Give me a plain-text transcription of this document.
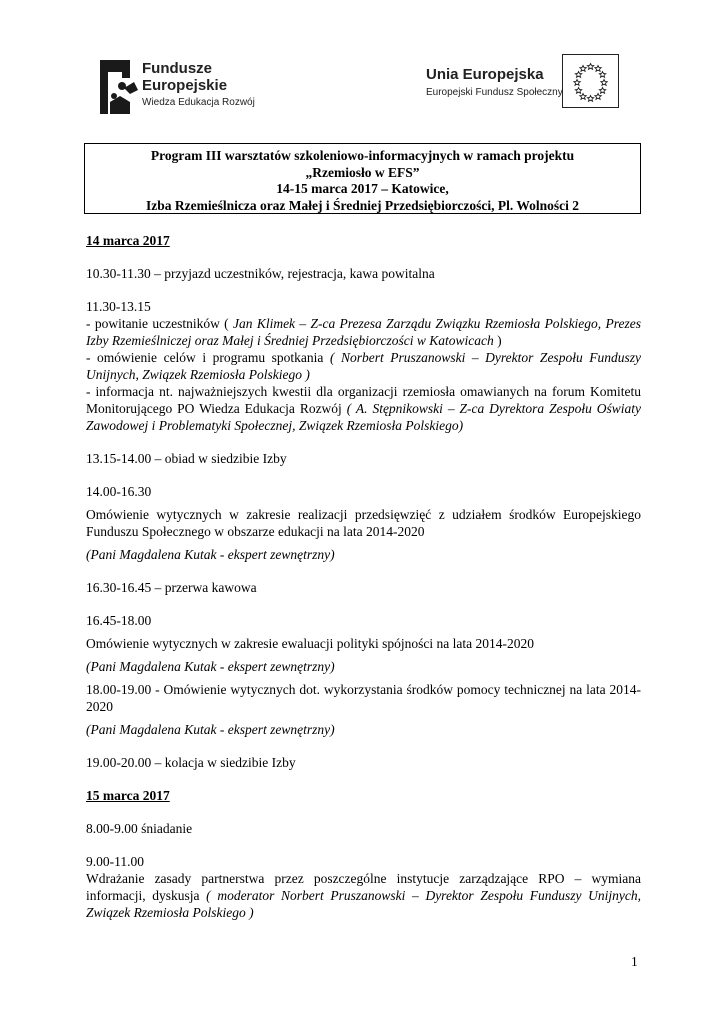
Fundusze
Europejskie
Wiedza Edukacja Rozwój
Unia Europejska
Europejski Fundusz Społeczny
Program III warsztatów szkoleniowo-informacyjnych w ramach projektu
„Rzemiosło w EFS”
14-15 marca 2017 – Katowice,
Izba Rzemieślnicza oraz Małej i Średniej Przedsiębiorczości, Pl. Wolności 2

14 marca 2017

10.30-11.30 – przyjazd uczestników, rejestracja, kawa powitalna

11.30-13.15

- powitanie uczestników ( Jan Klimek – Z-ca Prezesa Zarządu Związku Rzemiosła Polskiego, Prezes Izby Rzemieślniczej oraz Małej i Średniej Przedsiębiorczości w Katowicach )

- omówienie celów i programu spotkania ( Norbert Pruszanowski – Dyrektor Zespołu Funduszy Unijnych, Związek Rzemiosła Polskiego )

- informacja nt. najważniejszych kwestii dla organizacji rzemiosła omawianych na forum Komitetu Monitorującego PO Wiedza Edukacja Rozwój ( A. Stępnikowski – Z-ca Dyrektora Zespołu Oświaty Zawodowej i Problematyki Społecznej, Związek Rzemiosła Polskiego)

13.15-14.00 – obiad w siedzibie Izby

14.00-16.30

Omówienie wytycznych w zakresie realizacji przedsięwzięć z udziałem środków Europejskiego Funduszu Społecznego w obszarze edukacji na lata 2014-2020

(Pani Magdalena Kutak - ekspert zewnętrzny)

16.30-16.45 – przerwa kawowa

16.45-18.00

Omówienie wytycznych w zakresie ewaluacji polityki spójności na lata 2014-2020

(Pani Magdalena Kutak - ekspert zewnętrzny)

18.00-19.00 - Omówienie wytycznych dot. wykorzystania środków pomocy technicznej na lata 2014-2020

(Pani Magdalena Kutak - ekspert zewnętrzny)

19.00-20.00 – kolacja w siedzibie Izby

15 marca 2017

8.00-9.00 śniadanie

9.00-11.00

Wdrażanie zasady partnerstwa przez poszczególne instytucje zarządzające RPO – wymiana informacji, dyskusja ( moderator Norbert Pruszanowski – Dyrektor Zespołu Funduszy Unijnych, Związek Rzemiosła Polskiego )

1
